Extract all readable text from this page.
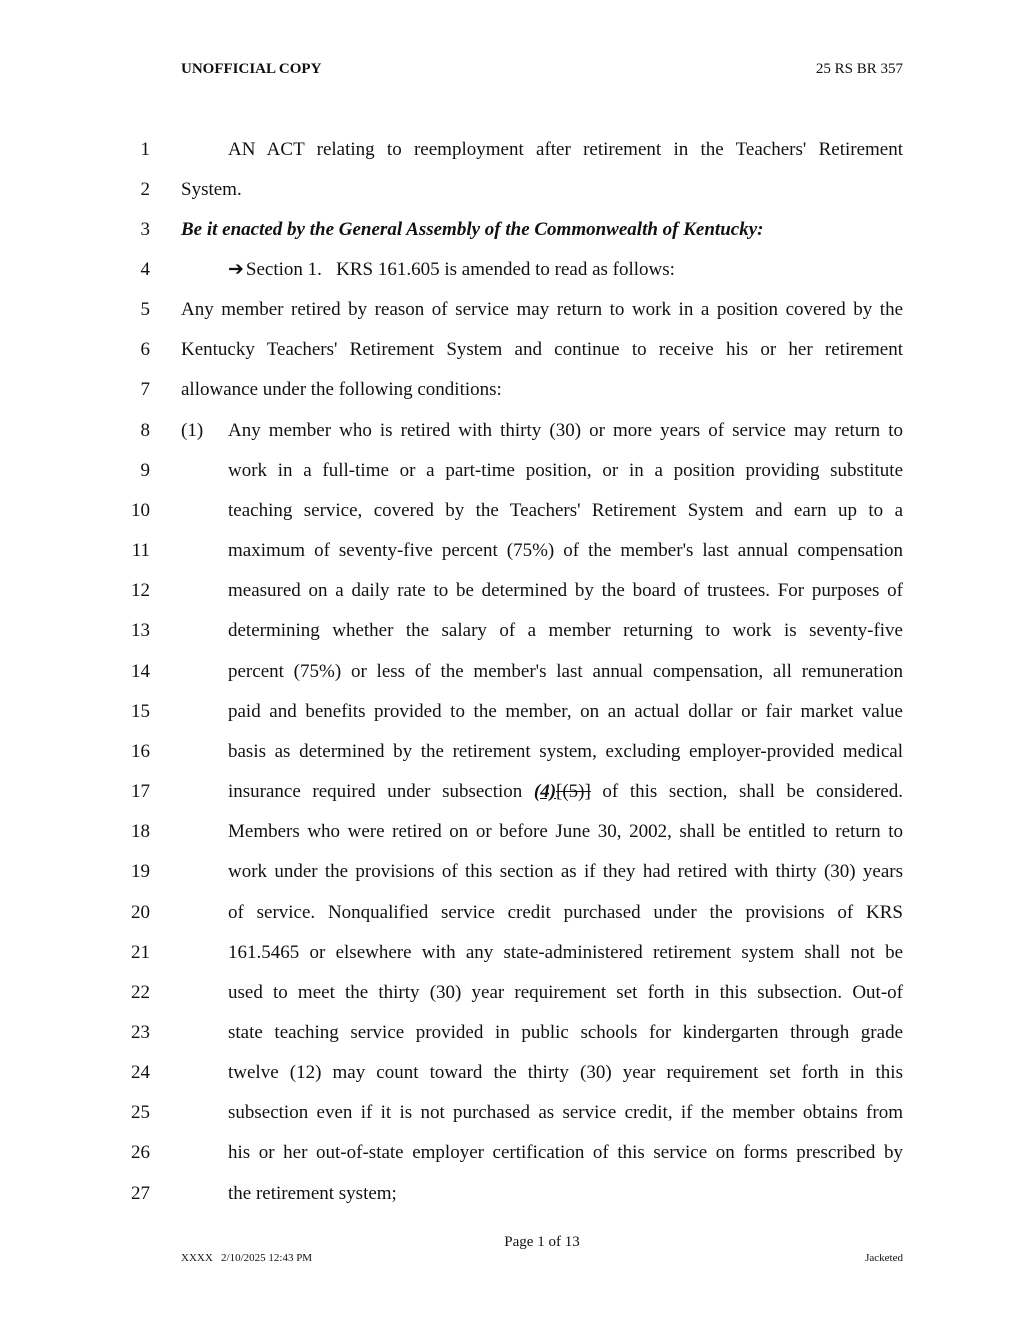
UNOFFICIAL COPY	25 RS BR 357
1	AN ACT relating to reemployment after retirement in the Teachers' Retirement
2 System.
3 Be it enacted by the General Assembly of the Commonwealth of Kentucky:
4	➔ Section 1.   KRS 161.605 is amended to read as follows:
5 Any member retired by reason of service may return to work in a position covered by the
6 Kentucky Teachers' Retirement System and continue to receive his or her retirement
7 allowance under the following conditions:
8 (1) Any member who is retired with thirty (30) or more years of service may return to
9	work in a full-time or a part-time position, or in a position providing substitute
10	teaching service, covered by the Teachers' Retirement System and earn up to a
11	maximum of seventy-five percent (75%) of the member's last annual compensation
12	measured on a daily rate to be determined by the board of trustees. For purposes of
13	determining whether the salary of a member returning to work is seventy-five
14	percent (75%) or less of the member's last annual compensation, all remuneration
15	paid and benefits provided to the member, on an actual dollar or fair market value
16	basis as determined by the retirement system, excluding employer-provided medical
17	insurance required under subsection (4)[(5)] of this section, shall be considered.
18	Members who were retired on or before June 30, 2002, shall be entitled to return to
19	work under the provisions of this section as if they had retired with thirty (30) years
20	of service. Nonqualified service credit purchased under the provisions of KRS
21	161.5465 or elsewhere with any state-administered retirement system shall not be
22	used to meet the thirty (30) year requirement set forth in this subsection. Out-of
23	state teaching service provided in public schools for kindergarten through grade
24	twelve (12) may count toward the thirty (30) year requirement set forth in this
25	subsection even if it is not purchased as service credit, if the member obtains from
26	his or her out-of-state employer certification of this service on forms prescribed by
27	the retirement system;
Page 1 of 13
XXXX   2/10/2025 12:43 PM	Jacketed
